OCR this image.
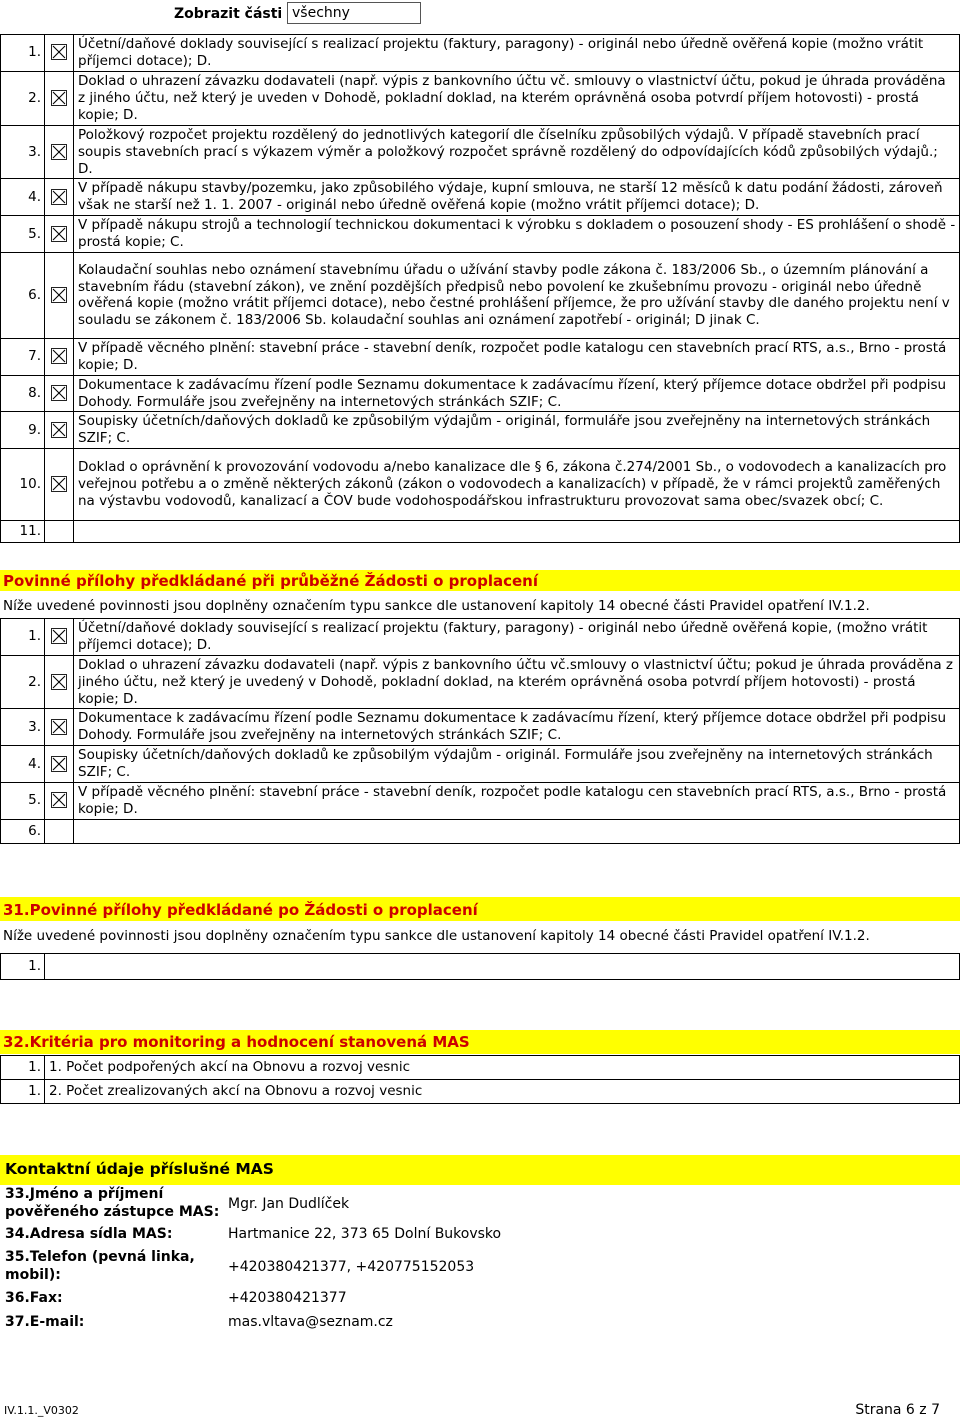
Zobrazit části všechny
1.		Účetní/daňové doklady související s realizací projektu (faktury, paragony) - originál nebo úředně ověřená kopie (možno vrátit příjemci dotace); D.
2.		Doklad o uhrazení závazku dodavateli (např. výpis z bankovního účtu vč. smlouvy o vlastnictví účtu, pokud je úhrada prováděna z jiného účtu, než který je uveden v Dohodě, pokladní doklad, na kterém oprávněná osoba potvrdí příjem hotovosti) - prostá kopie; D.
3.		Položkový rozpočet projektu rozdělený do jednotlivých kategorií dle číselníku způsobilých výdajů. V případě stavebních prací soupis stavebních prací s výkazem výměr a položkový rozpočet správně rozdělený do odpovídajících kódů způsobilých výdajů.; D.
4.		V případě nákupu stavby/pozemku, jako způsobilého výdaje, kupní smlouva, ne starší 12 měsíců k datu podání žádosti, zároveň však ne starší než 1. 1. 2007 - originál nebo úředně ověřená kopie (možno vrátit příjemci dotace); D.
5.		V případě nákupu strojů a technologií technickou dokumentaci k výrobku s dokladem o posouzení shody - ES prohlášení o shodě - prostá kopie; C.
6.		Kolaudační souhlas nebo oznámení stavebnímu úřadu o užívání stavby podle zákona č. 183/2006 Sb., o územním plánování a stavebním řádu (stavební zákon), ve znění pozdějších předpisů nebo povolení ke zkušebnímu provozu - originál nebo úředně ověřená kopie (možno vrátit příjemci dotace), nebo čestné prohlášení příjemce, že pro užívání stavby dle daného projektu není v souladu se zákonem č. 183/2006 Sb. kolaudační souhlas ani oznámení zapotřebí - originál; D jinak C.
7.		V případě věcného plnění: stavební práce - stavební deník, rozpočet podle katalogu cen stavebních prací RTS, a.s., Brno - prostá kopie; D.
8.		Dokumentace k zadávacímu řízení podle Seznamu dokumentace k zadávacímu řízení, který příjemce dotace obdržel při podpisu Dohody. Formuláře jsou zveřejněny na internetových stránkách SZIF; C.
9.		Soupisky účetních/daňových dokladů ke způsobilým výdajům - originál, formuláře jsou zveřejněny na internetových stránkách SZIF; C.
10.		Doklad o oprávnění k provozování vodovodu a/nebo kanalizace dle § 6, zákona č.274/2001 Sb., o vodovodech a kanalizacích pro veřejnou potřebu a o změně některých zákonů (zákon o vodovodech a kanalizacích) v případě, že v rámci projektů zaměřených na výstavbu vodovodů, kanalizací a ČOV bude vodohospodářskou infrastrukturu provozovat sama obec/svazek obcí; C.
11.		
Povinné přílohy předkládané při průběžné Žádosti o proplacení
Níže uvedené povinnosti jsou doplněny označením typu sankce dle ustanovení kapitoly 14 obecné části Pravidel opatření IV.1.2.
1.		Účetní/daňové doklady související s realizací projektu (faktury, paragony) - originál nebo úředně ověřená kopie, (možno vrátit příjemci dotace); D.
2.		Doklad o uhrazení závazku dodavateli (např. výpis z bankovního účtu vč.smlouvy o vlastnictví účtu; pokud je úhrada prováděna z jiného účtu, než který je uvedený v Dohodě, pokladní doklad, na kterém oprávněná osoba potvrdí příjem hotovosti) - prostá kopie; D.
3.		Dokumentace k zadávacímu řízení podle Seznamu dokumentace k zadávacímu řízení, který příjemce dotace obdržel při podpisu Dohody. Formuláře jsou zveřejněny na internetových stránkách SZIF; C.
4.		Soupisky účetních/daňových dokladů ke způsobilým výdajům - originál. Formuláře jsou zveřejněny na internetových stránkách SZIF; C.
5.		V případě věcného plnění: stavební práce - stavební deník, rozpočet podle katalogu cen stavebních prací RTS, a.s., Brno - prostá kopie; D.
6.		
31.Povinné přílohy předkládané po Žádosti o proplacení
Níže uvedené povinnosti jsou doplněny označením typu sankce dle ustanovení kapitoly 14 obecné části Pravidel opatření IV.1.2.
1.	
32.Kritéria pro monitoring a hodnocení stanovená MAS
1.	1. Počet podpořených akcí na Obnovu a rozvoj vesnic
1.	2. Počet zrealizovaných akcí na Obnovu a rozvoj vesnic
Kontaktní údaje příslušné MAS
33.Jméno a příjmení pověřeného zástupce MAS: Mgr. Jan Dudlíček
34.Adresa sídla MAS:	Hartmanice 22, 373 65 Dolní Bukovsko
35.Telefon (pevná linka, mobil):	+420380421377, +420775152053
36.Fax:	+420380421377
37.E-mail:	mas.vltava@seznam.cz
IV.1.1._V0302	Strana 6 z 7
